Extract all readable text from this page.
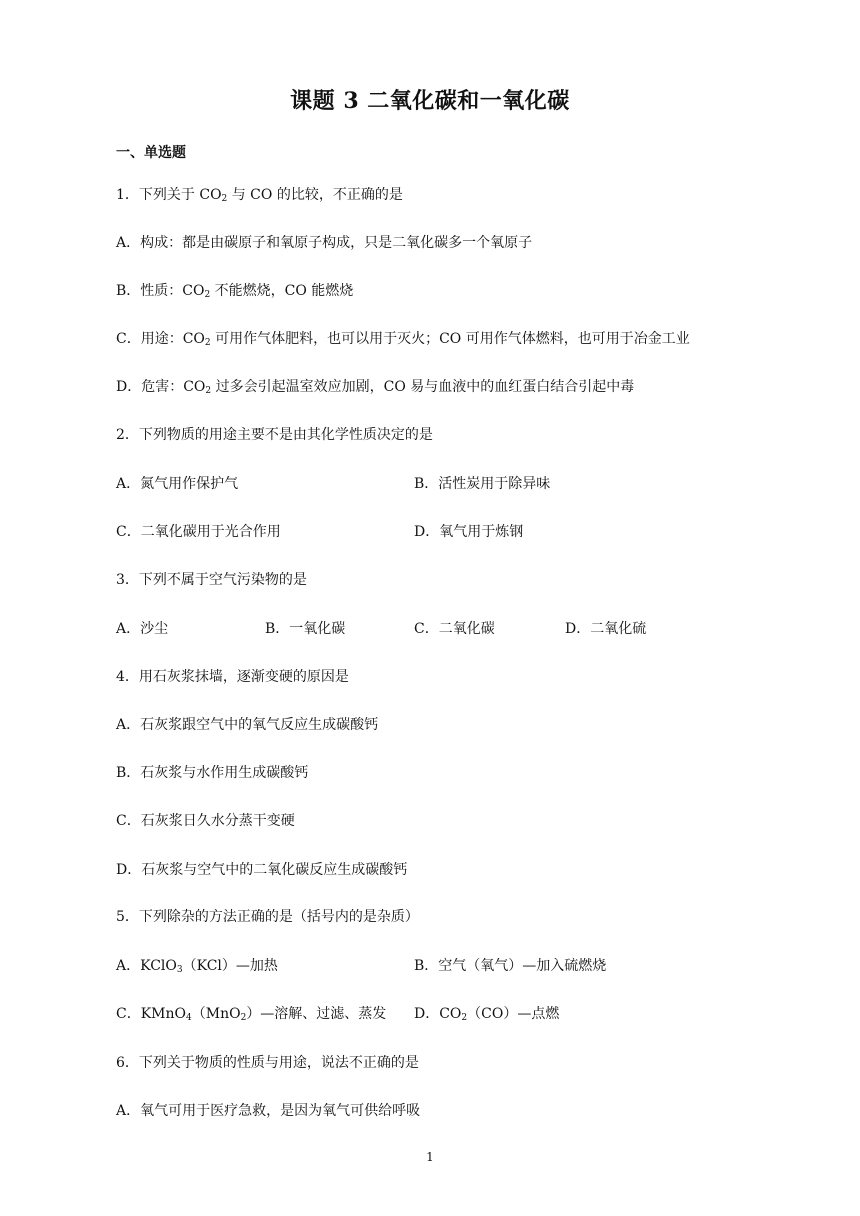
课题 3 二氧化碳和一氧化碳
一、单选题
1．下列关于 $CO_2$ 与 CO 的比较，不正确的是
A．构成：都是由碳原子和氧原子构成，只是二氧化碳多一个氧原子
B．性质：$CO_2$ 不能燃烧，CO 能燃烧
C．用途：$CO_2$ 可用作气体肥料，也可以用于灭火；CO 可用作气体燃料，也可用于冶金工业
D．危害：$CO_2$ 过多会引起温室效应加剧，CO 易与血液中的血红蛋白结合引起中毒
2．下列物质的用途主要不是由其化学性质决定的是
A．氮气用作保护气	B．活性炭用于除异味
C．二氧化碳用于光合作用	D．氧气用于炼钢
3．下列不属于空气污染物的是
A．沙尘	B．一氧化碳	C．二氧化碳	D．二氧化硫
4．用石灰浆抹墙，逐渐变硬的原因是
A．石灰浆跟空气中的氧气反应生成碳酸钙
B．石灰浆与水作用生成碳酸钙
C．石灰浆日久水分蒸干变硬
D．石灰浆与空气中的二氧化碳反应生成碳酸钙
5．下列除杂的方法正确的是（括号内的是杂质）
A．KClO$_3$（KCl）—加热	B．空气（氧气）—加入硫燃烧
C．KMnO$_4$（MnO$_2$）—溶解、过滤、蒸发 D．$CO_2(CO)—$点燃
6．下列关于物质的性质与用途，说法不正确的是
A．氧气可用于医疗急救，是因为氧气可供给呼吸
1
